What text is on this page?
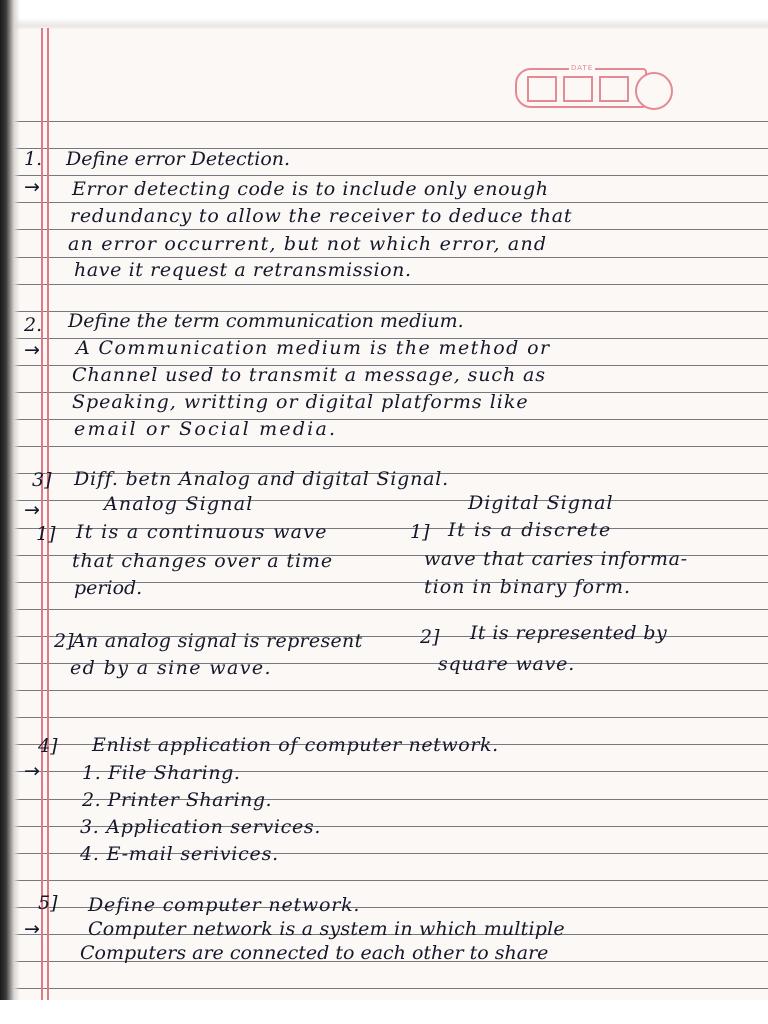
DATE
1. Define error Detection.
→ Error detecting code is to include only enough
redundancy to allow the receiver to deduce that
an error occurrent, but not which error, and
have it request a retransmission.
2. Define the term communication medium.
→ A Communication medium is the method or
Channel used to transmit a message, such as
Speaking, writting or digital platforms like
email or Social media.
3] Diff. betn Analog and digital Signal.
→	Analog Signal	Digital Signal
1] It is a continuous wave	1] It is a discrete
that changes over a time	wave that caries informa-
period.	tion in binary form.
2]
An analog signal is represent	2] It is represented by
ed by a sine wave.	square wave.
4] Enlist application of computer network.
→ 1. File Sharing.
2. Printer Sharing.
3. Application services.
4. E-mail serivices.
5] Define computer network.
→	Computer network is a system in which multiple
Computers are connected to each other to share
